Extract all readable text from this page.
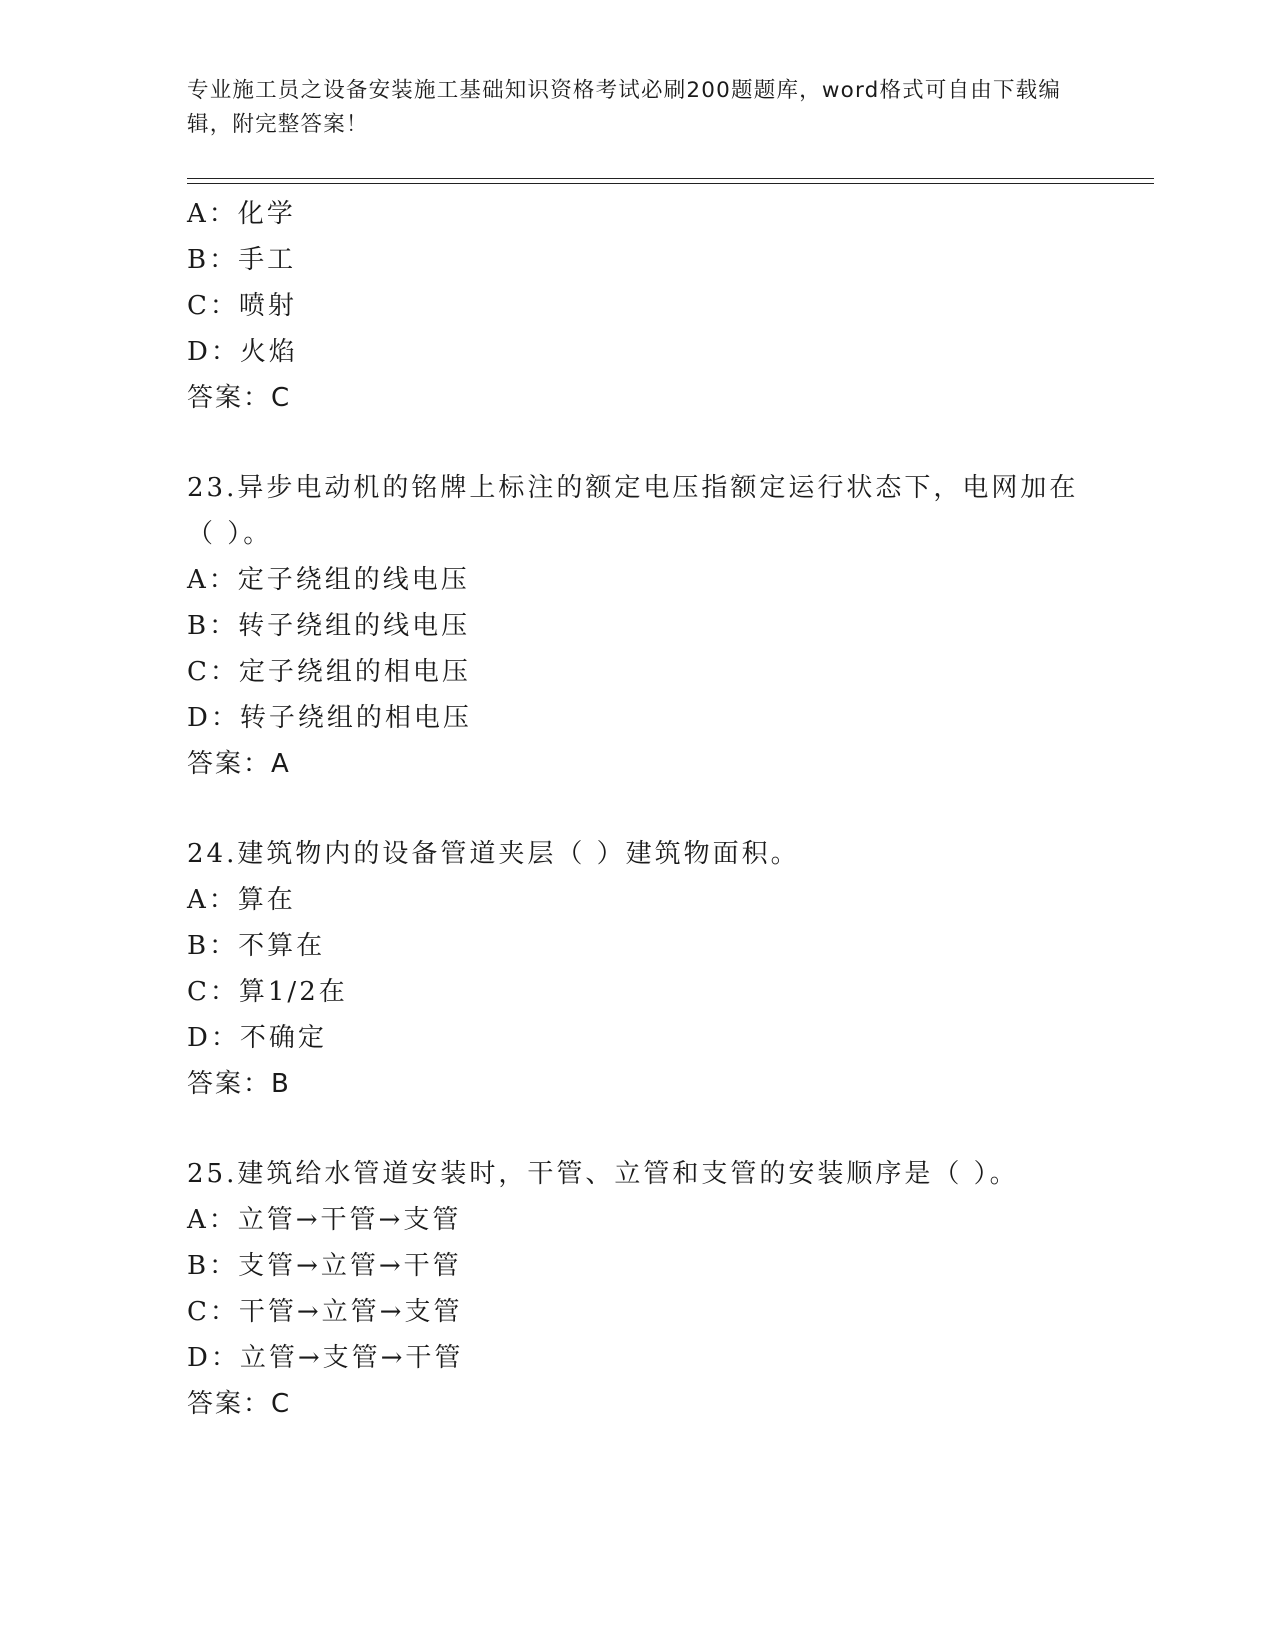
专业施工员之设备安装施工基础知识资格考试必刷200题题库，word格式可自由下载编辑，附完整答案！

A：化学

B：手工

C：喷射

D：火焰

答案：C

23.异步电动机的铭牌上标注的额定电压指额定运行状态下，电网加在（ ）。

A：定子绕组的线电压

B：转子绕组的线电压

C：定子绕组的相电压

D：转子绕组的相电压

答案：A

24.建筑物内的设备管道夹层（ ）建筑物面积。

A：算在

B：不算在

C：算1/2在

D：不确定

答案：B

25.建筑给水管道安装时，干管、立管和支管的安装顺序是（ ）。

A：立管→干管→支管

B：支管→立管→干管

C：干管→立管→支管

D：立管→支管→干管

答案：C
